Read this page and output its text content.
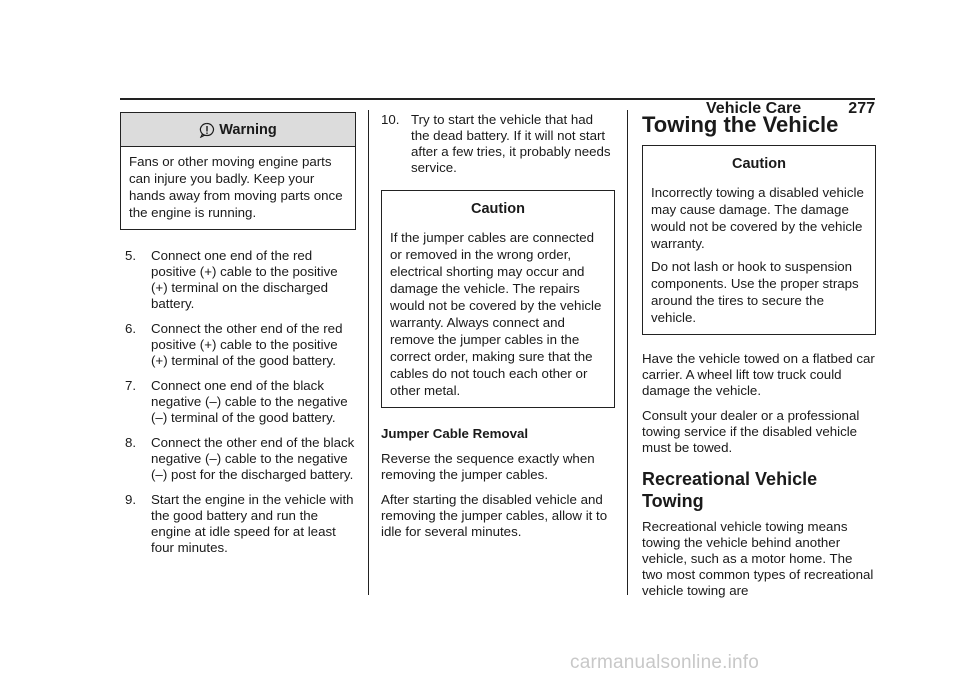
Vehicle Care	277
Warning

Fans or other moving engine parts can injure you badly. Keep your hands away from moving parts once the engine is running.

5.	Connect one end of the red positive (+) cable to the positive (+) terminal on the discharged battery.
6.	Connect the other end of the red positive (+) cable to the positive (+) terminal of the good battery.
7.	Connect one end of the black negative (–) cable to the negative (–) terminal of the good battery.
8.	Connect the other end of the black negative (–) cable to the negative (–) post for the discharged battery.
9.	Start the engine in the vehicle with the good battery and run the engine at idle speed for at least four minutes.
10. Try to start the vehicle that had the dead battery. If it will not start after a few tries, it probably needs service.
Caution

If the jumper cables are connected or removed in the wrong order, electrical shorting may occur and damage the vehicle. The repairs would not be covered by the vehicle warranty. Always connect and remove the jumper cables in the correct order, making sure that the cables do not touch each other or other metal.

Jumper Cable Removal

Reverse the sequence exactly when removing the jumper cables.

After starting the disabled vehicle and removing the jumper cables, allow it to idle for several minutes.

Towing the Vehicle
Caution

Incorrectly towing a disabled vehicle may cause damage. The damage would not be covered by the vehicle warranty.

Do not lash or hook to suspension components. Use the proper straps around the tires to secure the vehicle.

Have the vehicle towed on a flatbed car carrier. A wheel lift tow truck could damage the vehicle.

Consult your dealer or a professional towing service if the disabled vehicle must be towed.

Recreational Vehicle Towing

Recreational vehicle towing means towing the vehicle behind another vehicle, such as a motor home. The two most common types of recreational vehicle towing are

carmanualsonline.info
